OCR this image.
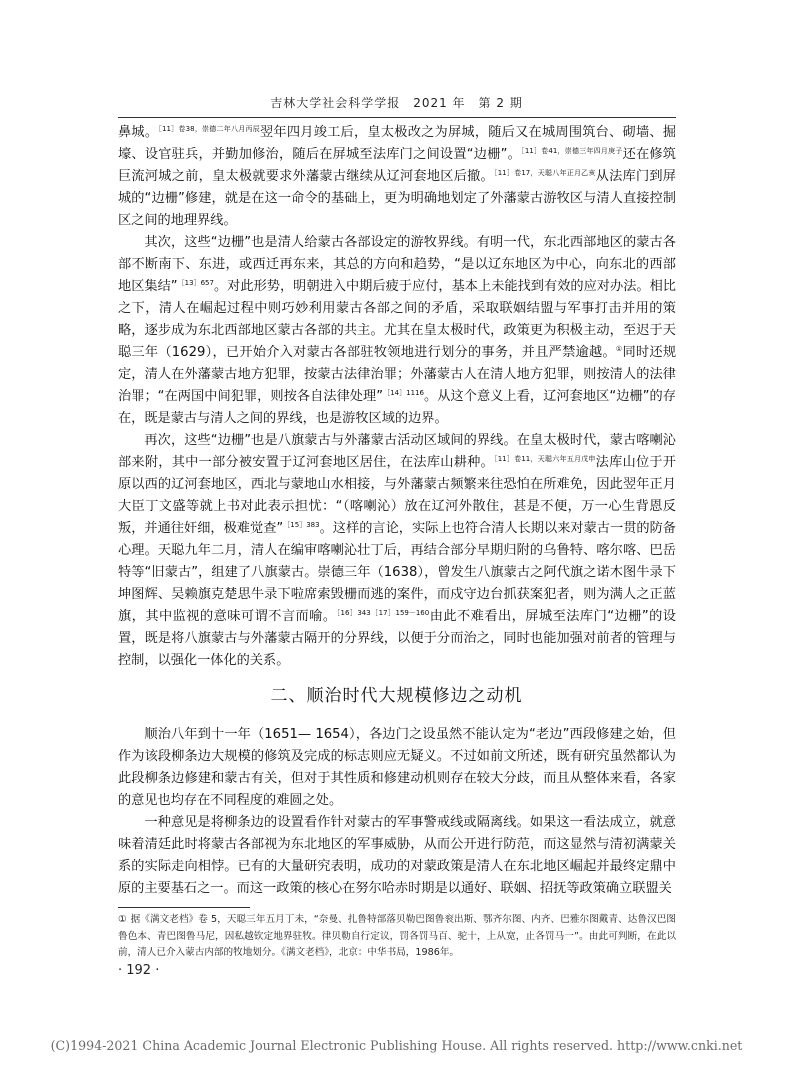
吉林大学社会科学学报　2021 年　第 2 期

鼻城。$^{[11]卷38,崇德二年八月丙辰}$翌年四月竣工后，皇太极改之为屏城，随后又在城周围筑台、砌墙、掘壕、设官驻兵，并勤加修治，随后在屏城至法库门之间设置“边栅”。$^{[11]卷41,崇德三年四月庚子}$还在修筑巨流河城之前，皇太极就要求外藩蒙古继续从辽河套地区后撤。$^{[11]卷17,天聪八年正月乙亥}$从法库门到屏城的“边栅”修建，就是在这一命令的基础上，更为明确地划定了外藩蒙古游牧区与清人直接控制区之间的地理界线。

其次，这些“边栅”也是清人给蒙古各部设定的游牧界线。有明一代，东北西部地区的蒙古各部不断南下、东进，或西迁再东来，其总的方向和趋势，“是以辽东地区为中心，向东北的西部地区集结”$^{[13]657}$。对此形势，明朝进入中期后疲于应付，基本上未能找到有效的应对办法。相比之下，清人在崛起过程中则巧妙利用蒙古各部之间的矛盾，采取联姻结盟与军事打击并用的策略，逐步成为东北西部地区蒙古各部的共主。尤其在皇太极时代，政策更为积极主动，至迟于天聪三年（1629），已开始介入对蒙古各部驻牧领地进行划分的事务，并且严禁逾越。①同时还规定，清人在外藩蒙古地方犯罪，按蒙古法律治罪；外藩蒙古人在清人地方犯罪，则按清人的法律治罪；“在两国中间犯罪，则按各自法律处理”$^{[14]1116}$。从这个意义上看，辽河套地区“边栅”的存在，既是蒙古与清人之间的界线，也是游牧区域的边界。

再次，这些“边栅”也是八旗蒙古与外藩蒙古活动区域间的界线。在皇太极时代，蒙古喀喇沁部来附，其中一部分被安置于辽河套地区居住，在法库山耕种。$^{[11]卷11,天聪六年五月戊申}$法库山位于开原以西的辽河套地区，西北与蒙地山水相接，与外藩蒙古频繁来往恐怕在所难免，因此翌年正月大臣丁文盛等就上书对此表示担忧：“（喀喇沁）放在辽河外散住，甚是不便，万一心生背恩反叛，并通往奸细，极难觉查”$^{[15]383}$。这样的言论，实际上也符合清人长期以来对蒙古一贯的防备心理。天聪九年二月，清人在编审喀喇沁壮丁后，再结合部分早期归附的乌鲁特、喀尔喀、巴岳特等“旧蒙古”，组建了八旗蒙古。崇德三年（1638），曾发生八旗蒙古之阿代旗之诺木图牛录下坤图辉、吴赖旗克楚思牛录下啦席索毁栅而逃的案件，而戍守边台抓获案犯者，则为满人之正蓝旗，其中监视的意味可谓不言而喻。$^{[16]343[17]159-160}$由此不难看出，屏城至法库门“边栅”的设置，既是将八旗蒙古与外藩蒙古隔开的分界线，以便于分而治之，同时也能加强对前者的管理与控制，以强化一体化的关系。

二、顺治时代大规模修边之动机

顺治八年到十一年（1651— 1654），各边门之设虽然不能认定为“老边”西段修建之始，但作为该段柳条边大规模的修筑及完成的标志则应无疑义。不过如前文所述，既有研究虽然都认为此段柳条边修建和蒙古有关，但对于其性质和修建动机则存在较大分歧，而且从整体来看，各家的意见也均存在不同程度的难圆之处。

一种意见是将柳条边的设置看作针对蒙古的军事警戒线或隔离线。如果这一看法成立，就意味着清廷此时将蒙古各部视为东北地区的军事威胁，从而公开进行防范，而这显然与清初满蒙关系的实际走向相悖。已有的大量研究表明，成功的对蒙政策是清人在东北地区崛起并最终定鼎中原的主要基石之一。而这一政策的核心在努尔哈赤时期是以通好、联姻、招抚等政策确立联盟关

① 据《满文老档》卷 5，天聪三年五月丁未，“奈曼、扎鲁特部落贝勒巴图鲁衮出斯、鄂齐尔图、内齐、巴雅尔图戴青、达鲁汉巴图鲁色本、青巴图鲁马尼，因私越钦定地界驻牧。律贝勒自行定议，罚各罚马百、驼十，上从宽，止各罚马一”。由此可判断，在此以前，清人已介入蒙古内部的牧地划分。《满文老档》，北京：中华书局，1986年。
· 192 ·
(C)1994-2021 China Academic Journal Electronic Publishing House. All rights reserved. http://www.cnki.net
